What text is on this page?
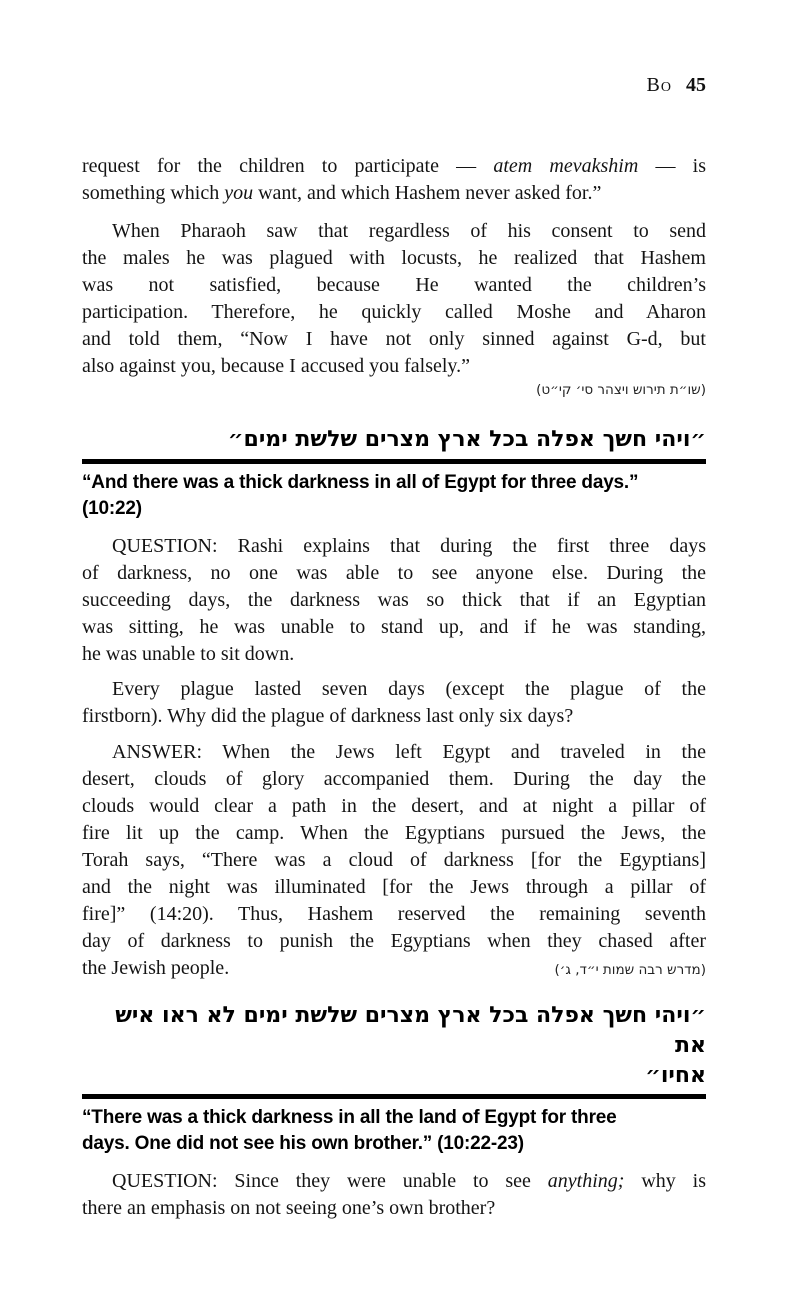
Bo 45
request for the children to participate — atem mevakshim — is
something which you want, and which Hashem never asked for.”
When Pharaoh saw that regardless of his consent to send
the males he was plagued with locusts, he realized that Hashem
was not satisfied, because He wanted the children’s
participation. Therefore, he quickly called Moshe and Aharon
and told them, “Now I have not only sinned against G-d, but
also against you, because I accused you falsely.”
(שו״ת תירוש ויצהר סי׳ קי״ט)
״ויהי חשך אפלה בכל ארץ מצרים שלשת ימים״
“And there was a thick darkness in all of Egypt for three days.”
(10:22)
QUESTION: Rashi explains that during the first three days
of darkness, no one was able to see anyone else. During the
succeeding days, the darkness was so thick that if an Egyptian
was sitting, he was unable to stand up, and if he was standing,
he was unable to sit down.
Every plague lasted seven days (except the plague of the
firstborn). Why did the plague of darkness last only six days?
ANSWER: When the Jews left Egypt and traveled in the
desert, clouds of glory accompanied them. During the day the
clouds would clear a path in the desert, and at night a pillar of
fire lit up the camp. When the Egyptians pursued the Jews, the
Torah says, “There was a cloud of darkness [for the Egyptians]
and the night was illuminated [for the Jews through a pillar of
fire]” (14:20). Thus, Hashem reserved the remaining seventh
day of darkness to punish the Egyptians when they chased after
the Jewish people.	(מדרש רבה שמות י״ד, ג׳)
״ויהי חשך אפלה בכל ארץ מצרים שלשת ימים לא ראו איש את
אחיו״
“There was a thick darkness in all the land of Egypt for three
days. One did not see his own brother.” (10:22-23)
QUESTION: Since they were unable to see anything; why is
there an emphasis on not seeing one’s own brother?
